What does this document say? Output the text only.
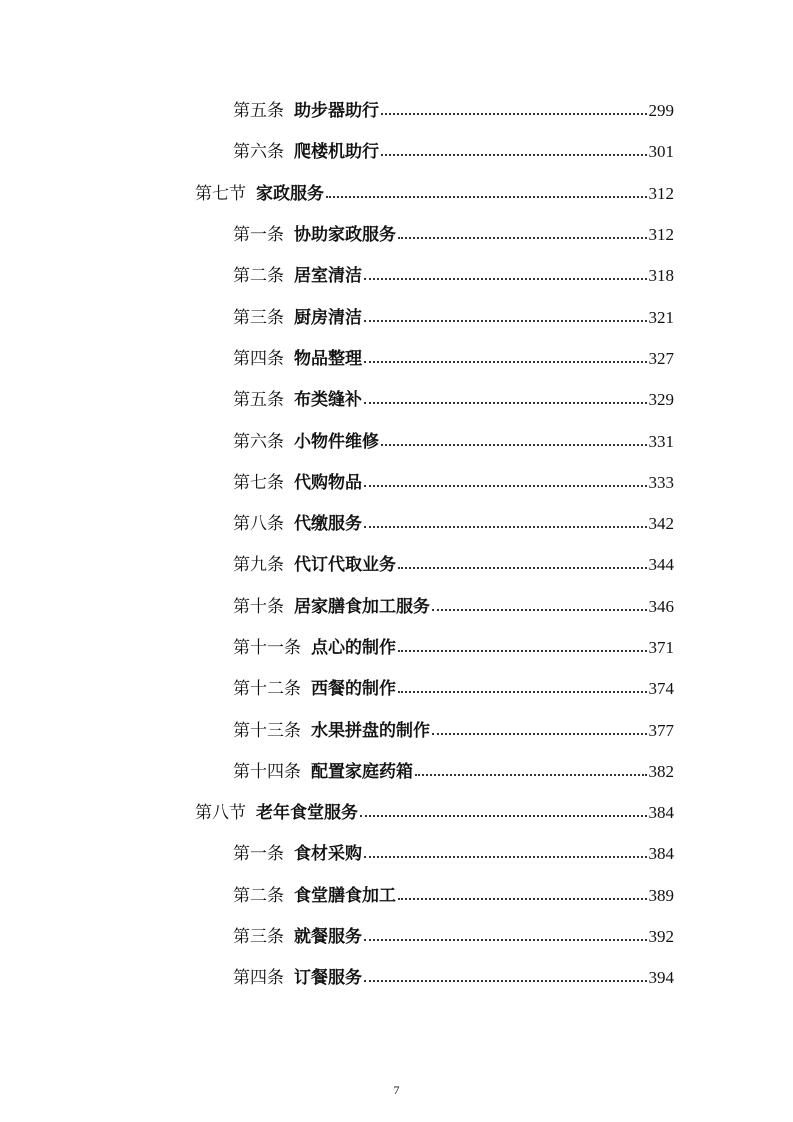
第五条 助步器助行	299
第六条 爬楼机助行	301
第七节 家政服务	312
第一条 协助家政服务	312
第二条 居室清洁	318
第三条 厨房清洁	321
第四条 物品整理	327
第五条 布类缝补	329
第六条 小物件维修	331
第七条 代购物品	333
第八条 代缴服务	342
第九条 代订代取业务	344
第十条 居家膳食加工服务	346
第十一条 点心的制作	371
第十二条 西餐的制作	374
第十三条 水果拼盘的制作	377
第十四条 配置家庭药箱	382
第八节 老年食堂服务	384
第一条 食材采购	384
第二条 食堂膳食加工	389
第三条 就餐服务	392
第四条 订餐服务	394
7
